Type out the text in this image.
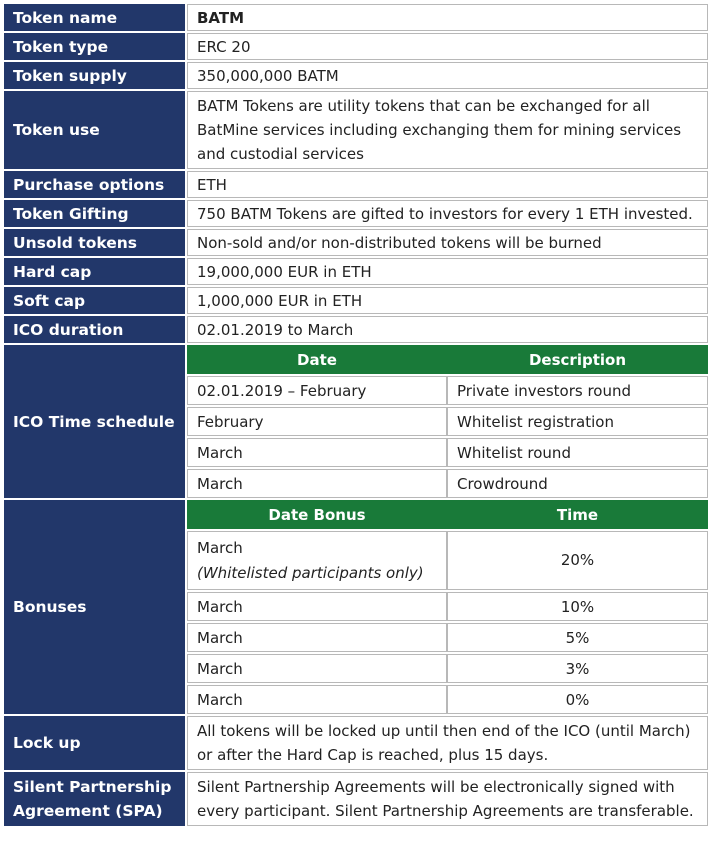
Token name	BATM
Token type	ERC 20
Token supply	350,000,000 BATM
Token use	BATM Tokens are utility tokens that can be exchanged for all BatMine services including exchanging them for mining services and custodial services
Purchase options	ETH
Token Gifting	750 BATM Tokens are gifted to investors for every 1 ETH invested.
Unsold tokens	Non-sold and/or non-distributed tokens will be burned
Hard cap	19,000,000 EUR in ETH
Soft cap	1,000,000 EUR in ETH
ICO duration	02.01.2019 to March
ICO Time schedule	
Date	Description
02.01.2019 – February	Private investors round
February	Whitelist registration
March	Whitelist round
March	Crowdround

Bonuses	
Date Bonus	Time

March
(Whitelisted participants only)
	20%
March	10%
March	5%
March	3%
March	0%

Lock up	All tokens will be locked up until then end of the ICO (until March) or after the Hard Cap is reached, plus 15 days.
Silent Partnership Agreement (SPA)	Silent Partnership Agreements will be electronically signed with every participant. Silent Partnership Agreements are transferable.
